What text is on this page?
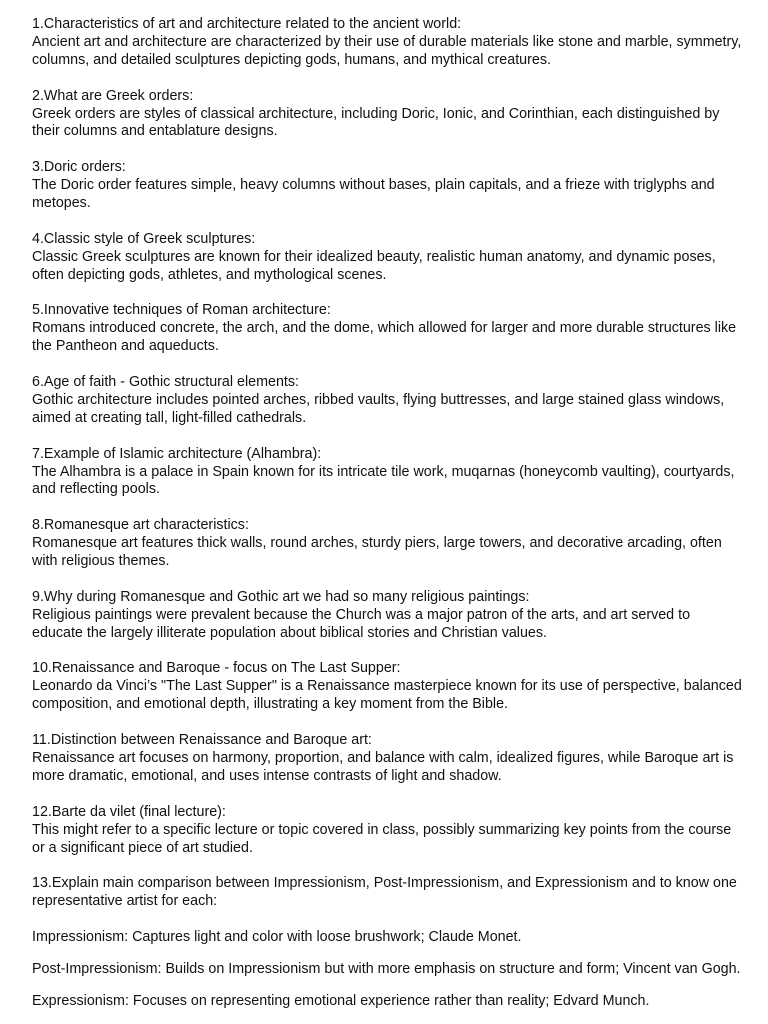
1.Characteristics of art and architecture related to the ancient world:

Ancient art and architecture are characterized by their use of durable materials like stone and marble, symmetry, columns, and detailed sculptures depicting gods, humans, and mythical creatures.

2.What are Greek orders:

Greek orders are styles of classical architecture, including Doric, Ionic, and Corinthian, each distinguished by their columns and entablature designs.

3.Doric orders:

The Doric order features simple, heavy columns without bases, plain capitals, and a frieze with triglyphs and metopes.

4.Classic style of Greek sculptures:

Classic Greek sculptures are known for their idealized beauty, realistic human anatomy, and dynamic poses, often depicting gods, athletes, and mythological scenes.

5.Innovative techniques of Roman architecture:

Romans introduced concrete, the arch, and the dome, which allowed for larger and more durable structures like the Pantheon and aqueducts.

6.Age of faith - Gothic structural elements:

Gothic architecture includes pointed arches, ribbed vaults, flying buttresses, and large stained glass windows, aimed at creating tall, light-filled cathedrals.

7.Example of Islamic architecture (Alhambra):

The Alhambra is a palace in Spain known for its intricate tile work, muqarnas (honeycomb vaulting), courtyards, and reflecting pools.

8.Romanesque art characteristics:

Romanesque art features thick walls, round arches, sturdy piers, large towers, and decorative arcading, often with religious themes.

9.Why during Romanesque and Gothic art we had so many religious paintings:

Religious paintings were prevalent because the Church was a major patron of the arts, and art served to educate the largely illiterate population about biblical stories and Christian values.

10.Renaissance and Baroque - focus on The Last Supper:

Leonardo da Vinci’s "The Last Supper" is a Renaissance masterpiece known for its use of perspective, balanced composition, and emotional depth, illustrating a key moment from the Bible.

11.Distinction between Renaissance and Baroque art:

Renaissance art focuses on harmony, proportion, and balance with calm, idealized figures, while Baroque art is more dramatic, emotional, and uses intense contrasts of light and shadow.

12.Barte da vilet (final lecture):

This might refer to a specific lecture or topic covered in class, possibly summarizing key points from the course or a significant piece of art studied.

13.Explain main comparison between Impressionism, Post-Impressionism, and Expressionism and to know one representative artist for each:

Impressionism: Captures light and color with loose brushwork; Claude Monet.

Post-Impressionism: Builds on Impressionism but with more emphasis on structure and form; Vincent van Gogh.

Expressionism: Focuses on representing emotional experience rather than reality; Edvard Munch.
